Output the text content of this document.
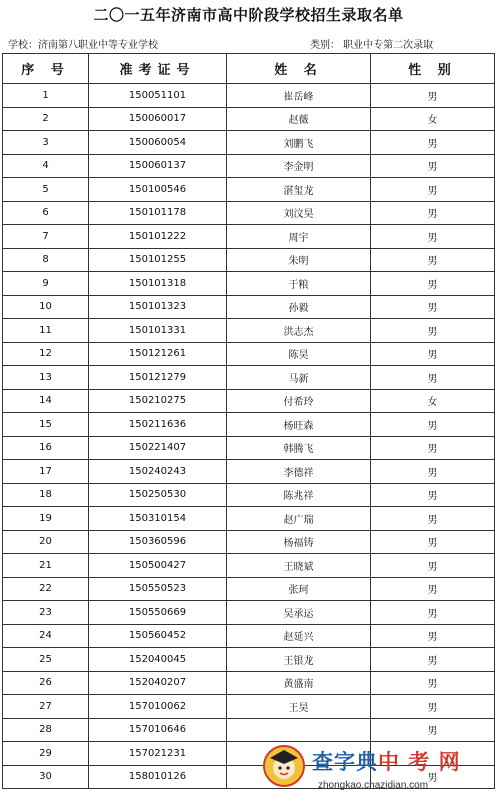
二〇一五年济南市高中阶段学校招生录取名单
学校：济南第八职业中等专业学校	类别： 职业中专第二次录取
序 号	准考证号	姓 名	性 别
1	150051101	崔岳峰	男
2	150060017	赵薇	女
3	150060054	刘鹏飞	男
4	150060137	李金明	男
5	150100546	湛玺龙	男
6	150101178	刘汶昊	男
7	150101222	周宇	男
8	150101255	朱明	男
9	150101318	于粮	男
10	150101323	孙毅	男
11	150101331	洪志杰	男
12	150121261	陈昊	男
13	150121279	马新	男
14	150210275	付希玲	女
15	150211636	杨旺森	男
16	150221407	韩腾飞	男
17	150240243	李德祥	男
18	150250530	陈兆祥	男
19	150310154	赵广瑞	男
20	150360596	杨福铸	男
21	150500427	王晓斌	男
22	150550523	张珂	男
23	150550669	吴承运	男
24	150560452	赵延兴	男
25	152040045	王银龙	男
26	152040207	黄盛南	男
27	157010062	王昊	男
28	157010646		男
29	157021231		
30	158010126		男
查字典中 考 网
zhongkao.chazidian.com
